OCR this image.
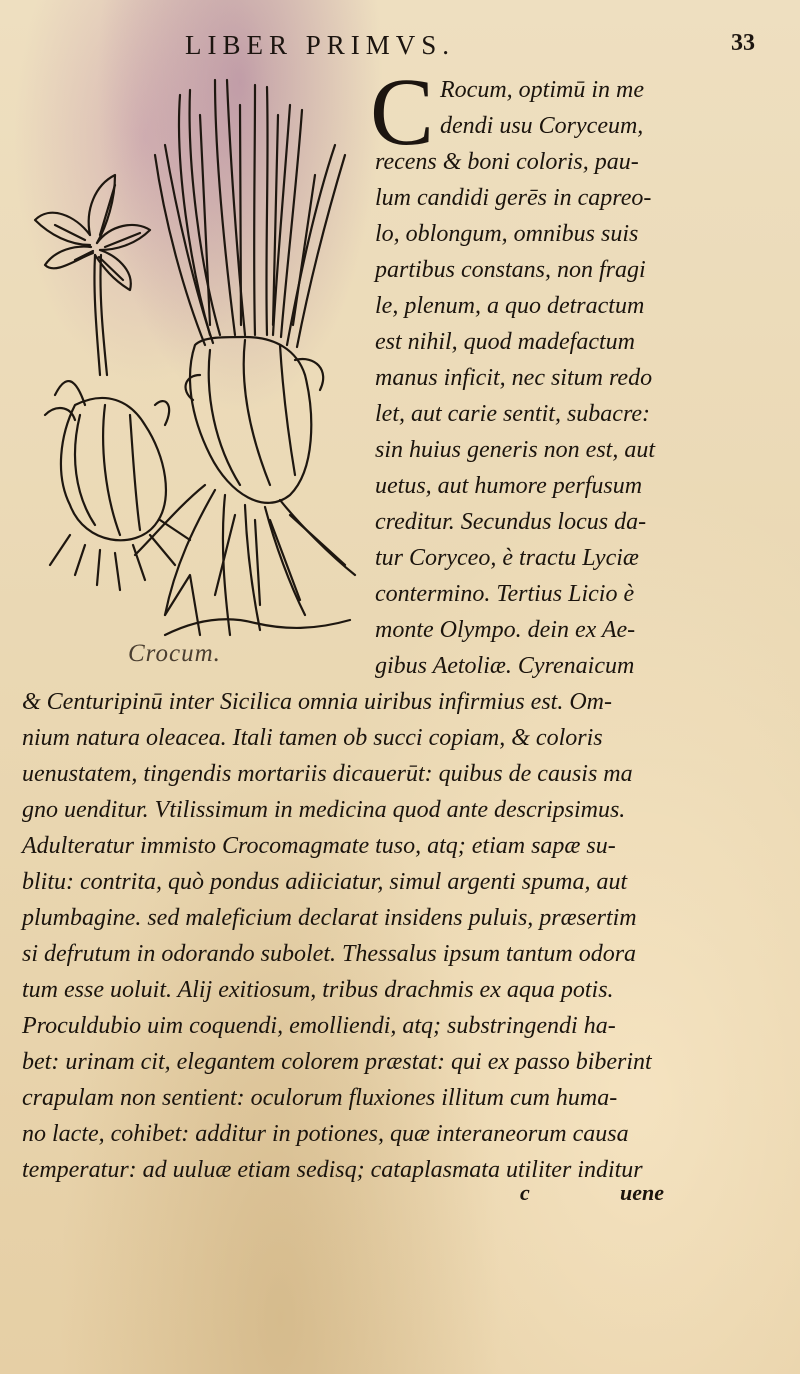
LIBER PRIMVS.	33
Crocum.
C Rocum, optimū in me
dendi usu Coryceum,
recens & boni coloris, pau-
lum candidi gerēs in capreo-
lo, oblongum, omnibus suis
partibus constans, non fragi
le, plenum, a quo detractum
est nihil, quod madefactum
manus inficit, nec situm redo
let, aut carie sentit, subacre:
sin huius generis non est, aut
uetus, aut humore perfusum
creditur. Secundus locus da-
tur Coryceo, è tractu Lyciæ
contermino. Tertius Licio è
monte Olympo. dein ex Ae-
gibus Aetoliæ. Cyrenaicum
& Centuripinū inter Sicilica omnia uiribus infirmius est. Om-
nium natura oleacea. Itali tamen ob succi copiam, & coloris
uenustatem, tingendis mortariis dicauerūt: quibus de causis ma
gno uenditur. Vtilissimum in medicina quod ante descripsimus.
Adulteratur immisto Crocomagmate tuso, atq; etiam sapæ su-
blitu: contrita, quò pondus adiiciatur, simul argenti spuma, aut
plumbagine. sed maleficium declarat insidens puluis, præsertim
si defrutum in odorando subolet. Thessalus ipsum tantum odora
tum esse uoluit. Alij exitiosum, tribus drachmis ex aqua potis.
Proculdubio uim coquendi, emolliendi, atq; substringendi ha-
bet: urinam cit, elegantem colorem præstat: qui ex passo biberint
crapulam non sentient: oculorum fluxiones illitum cum huma-
no lacte, cohibet: additur in potiones, quæ interaneorum causa
temperatur: ad uuluæ etiam sedisq; cataplasmata utiliter inditur
c	uene
